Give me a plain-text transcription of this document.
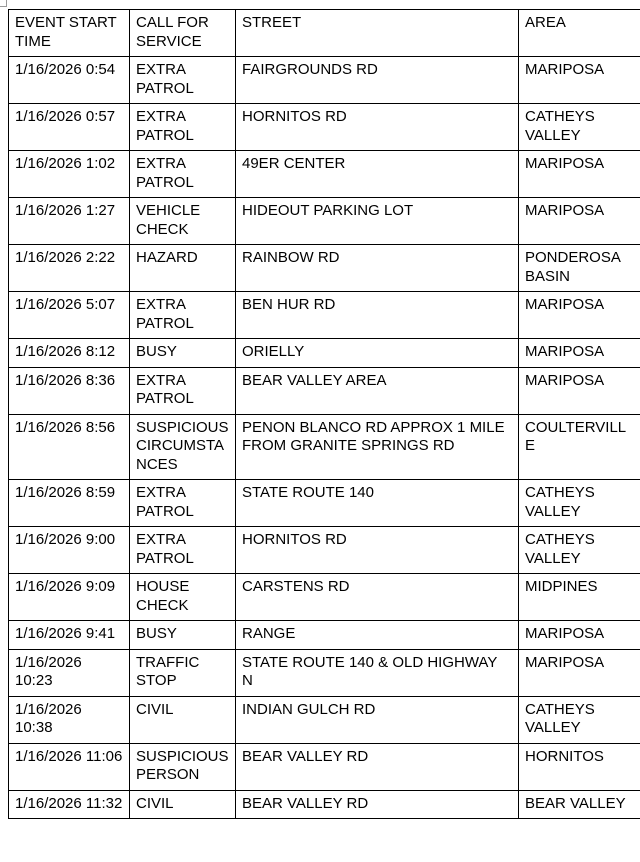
EVENT START TIME	CALL FOR SERVICE	STREET	AREA
1/16/2026 0:54	EXTRA PATROL	FAIRGROUNDS RD	MARIPOSA
1/16/2026 0:57	EXTRA PATROL	HORNITOS RD	CATHEYS VALLEY
1/16/2026 1:02	EXTRA PATROL	49ER CENTER	MARIPOSA
1/16/2026 1:27	VEHICLE CHECK	HIDEOUT PARKING LOT	MARIPOSA
1/16/2026 2:22	HAZARD	RAINBOW RD	PONDEROSA BASIN
1/16/2026 5:07	EXTRA PATROL	BEN HUR RD	MARIPOSA
1/16/2026 8:12	BUSY	ORIELLY	MARIPOSA
1/16/2026 8:36	EXTRA PATROL	BEAR VALLEY AREA	MARIPOSA
1/16/2026 8:56	SUSPICIOUS CIRCUMSTANCES	PENON BLANCO RD APPROX 1 MILE FROM GRANITE SPRINGS RD	COULTERVILLE
1/16/2026 8:59	EXTRA PATROL	STATE ROUTE 140	CATHEYS VALLEY
1/16/2026 9:00	EXTRA PATROL	HORNITOS RD	CATHEYS VALLEY
1/16/2026 9:09	HOUSE CHECK	CARSTENS RD	MIDPINES
1/16/2026 9:41	BUSY	RANGE	MARIPOSA
1/16/2026 10:23	TRAFFIC STOP	STATE ROUTE 140 & OLD HIGHWAY N	MARIPOSA
1/16/2026 10:38	CIVIL	INDIAN GULCH RD	CATHEYS VALLEY
1/16/2026 11:06	SUSPICIOUS PERSON	BEAR VALLEY RD	HORNITOS
1/16/2026 11:32	CIVIL	BEAR VALLEY RD	BEAR VALLEY
